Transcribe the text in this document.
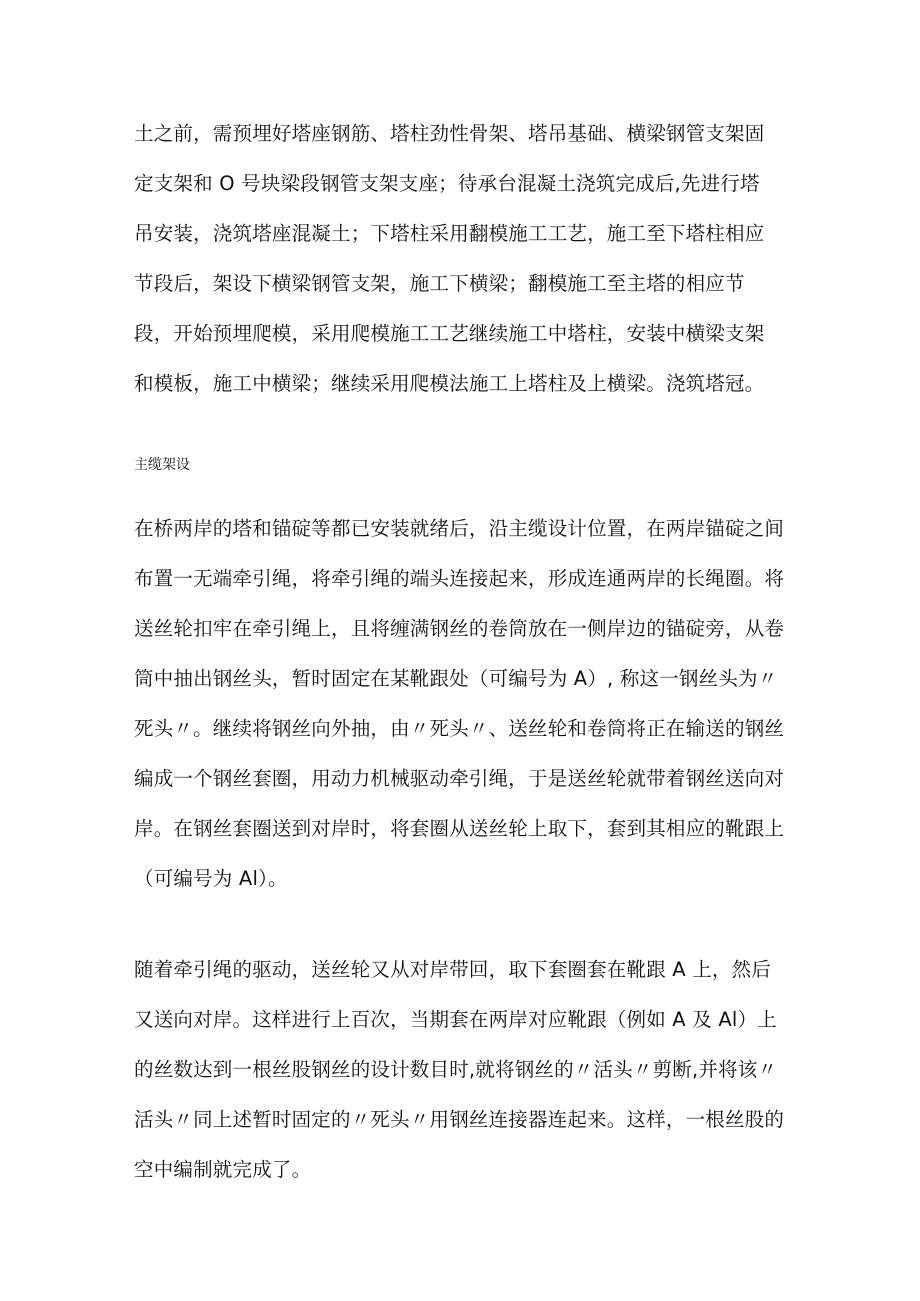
土之前，需预埋好塔座钢筋、塔柱劲性骨架、塔吊基础、横梁钢管支架固
定支架和 O 号块梁段钢管支架支座；待承台混凝土浇筑完成后,先进行塔
吊安装，浇筑塔座混凝土；下塔柱采用翻模施工工艺，施工至下塔柱相应
节段后，架设下横梁钢管支架，施工下横梁；翻模施工至主塔的相应节
段，开始预埋爬模，采用爬模施工工艺继续施工中塔柱，安装中横梁支架
和模板，施工中横梁；继续采用爬模法施工上塔柱及上横梁。浇筑塔冠。
主缆架设
在桥两岸的塔和锚碇等都已安装就绪后，沿主缆设计位置，在两岸锚碇之间
布置一无端牵引绳，将牵引绳的端头连接起来，形成连通两岸的长绳圈。将
送丝轮扣牢在牵引绳上，且将缠满钢丝的卷筒放在一侧岸边的锚碇旁，从卷
筒中抽出钢丝头，暂时固定在某靴跟处（可编号为 A）, 称这一钢丝头为〃
死头〃。继续将钢丝向外抽，由〃死头〃、送丝轮和卷筒将正在输送的钢丝
编成一个钢丝套圈，用动力机械驱动牵引绳，于是送丝轮就带着钢丝送向对
岸。在钢丝套圈送到对岸时，将套圈从送丝轮上取下，套到其相应的靴跟上
（可编号为 Al）。
随着牵引绳的驱动，送丝轮又从对岸带回，取下套圈套在靴跟 A 上，然后
又送向对岸。这样进行上百次，当期套在两岸对应靴跟（例如 A 及 Al）上
的丝数达到一根丝股钢丝的设计数目时,就将钢丝的〃活头〃剪断,并将该〃
活头〃同上述暂时固定的〃死头〃用钢丝连接器连起来。这样，一根丝股的
空中编制就完成了。
